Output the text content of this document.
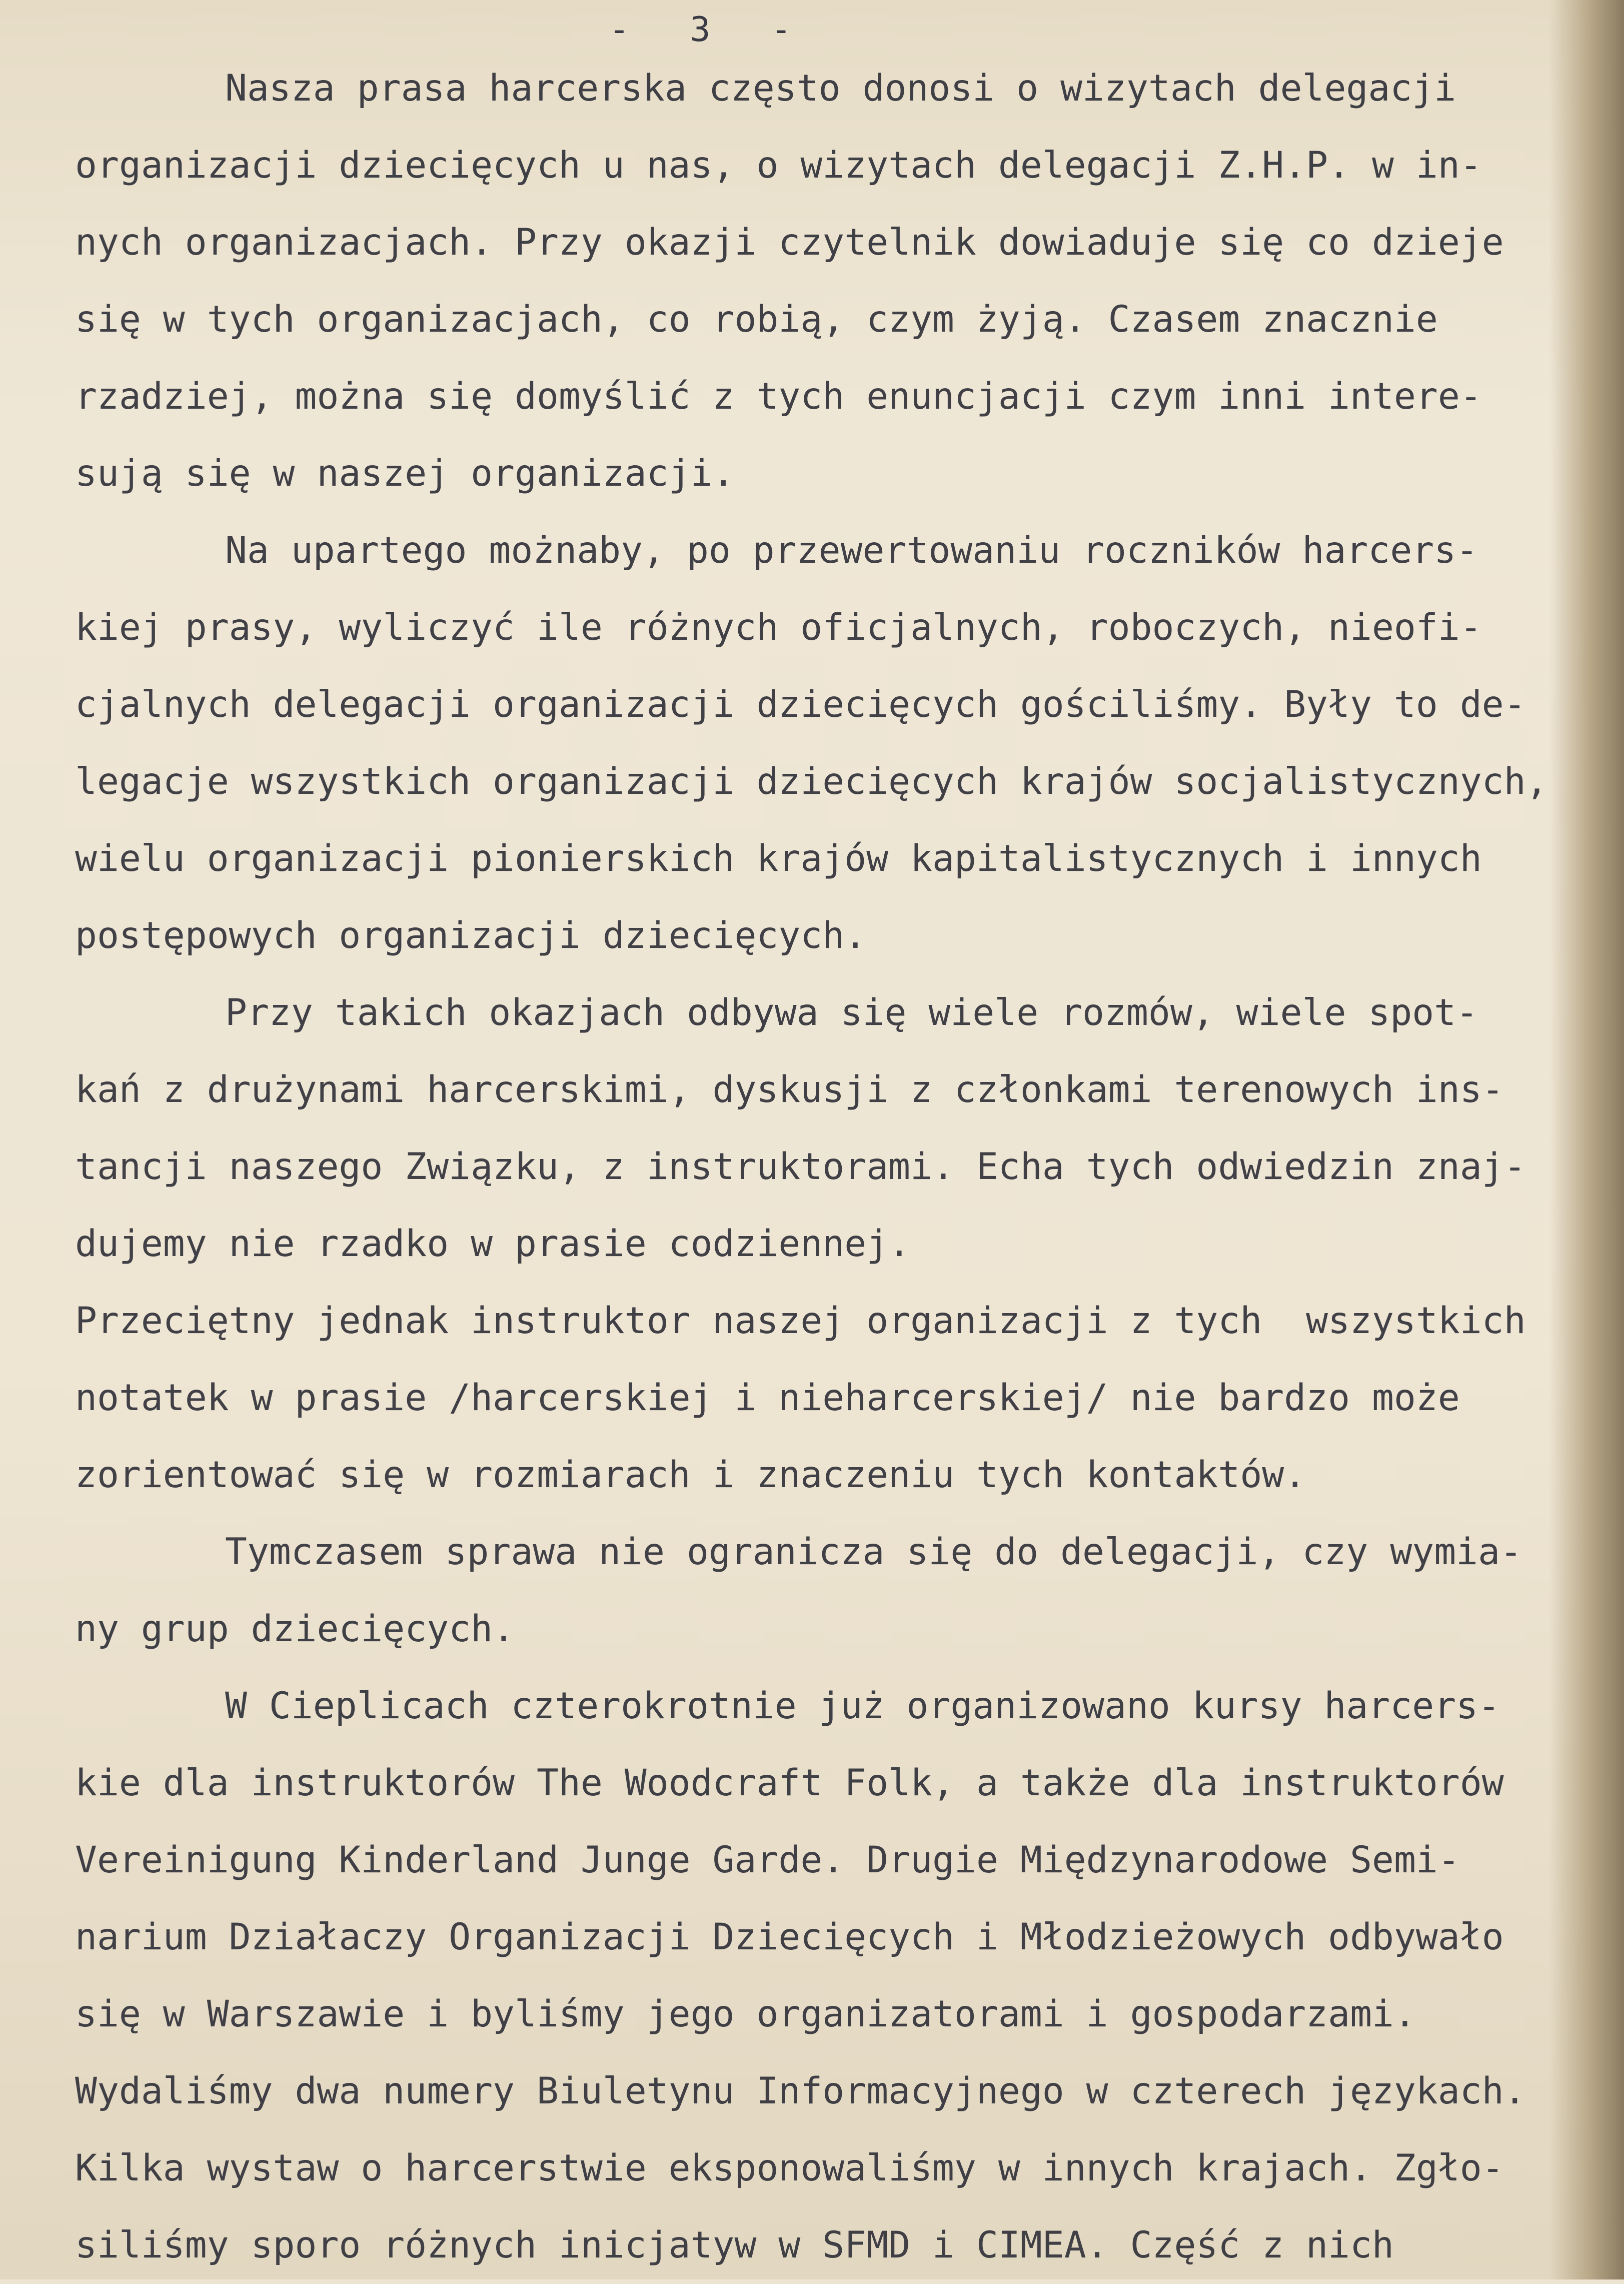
- 3 -
Nasza prasa harcerska często donosi o wizytach delegacji
organizacji dziecięcych u nas, o wizytach delegacji Z.H.P. w in-
nych organizacjach. Przy okazji czytelnik dowiaduje się co dzieje
się w tych organizacjach, co robią, czym żyją. Czasem znacznie
rzadziej, można się domyślić z tych enuncjacji czym inni intere-
sują się w naszej organizacji.
Na upartego możnaby, po przewertowaniu roczników harcers-
kiej prasy, wyliczyć ile różnych oficjalnych, roboczych, nieofi-
cjalnych delegacji organizacji dziecięcych gościliśmy. Były to de-
legacje wszystkich organizacji dziecięcych krajów socjalistycznych,
wielu organizacji pionierskich krajów kapitalistycznych i innych
postępowych organizacji dziecięcych.
Przy takich okazjach odbywa się wiele rozmów, wiele spot-
kań z drużynami harcerskimi, dyskusji z członkami terenowych ins-
tancji naszego Związku, z instruktorami. Echa tych odwiedzin znaj-
dujemy nie rzadko w prasie codziennej.
Przeciętny jednak instruktor naszej organizacji z tych  wszystkich
notatek w prasie /harcerskiej i nieharcerskiej/ nie bardzo może
zorientować się w rozmiarach i znaczeniu tych kontaktów.
Tymczasem sprawa nie ogranicza się do delegacji, czy wymia-
ny grup dziecięcych.
W Cieplicach czterokrotnie już organizowano kursy harcers-
kie dla instruktorów The Woodcraft Folk, a także dla instruktorów
Vereinigung Kinderland Junge Garde. Drugie Międzynarodowe Semi-
narium Działaczy Organizacji Dziecięcych i Młodzieżowych odbywało
się w Warszawie i byliśmy jego organizatorami i gospodarzami.
Wydaliśmy dwa numery Biuletynu Informacyjnego w czterech językach.
Kilka wystaw o harcerstwie eksponowaliśmy w innych krajach. Zgło-
siliśmy sporo różnych inicjatyw w SFMD i CIMEA. Część z nich
